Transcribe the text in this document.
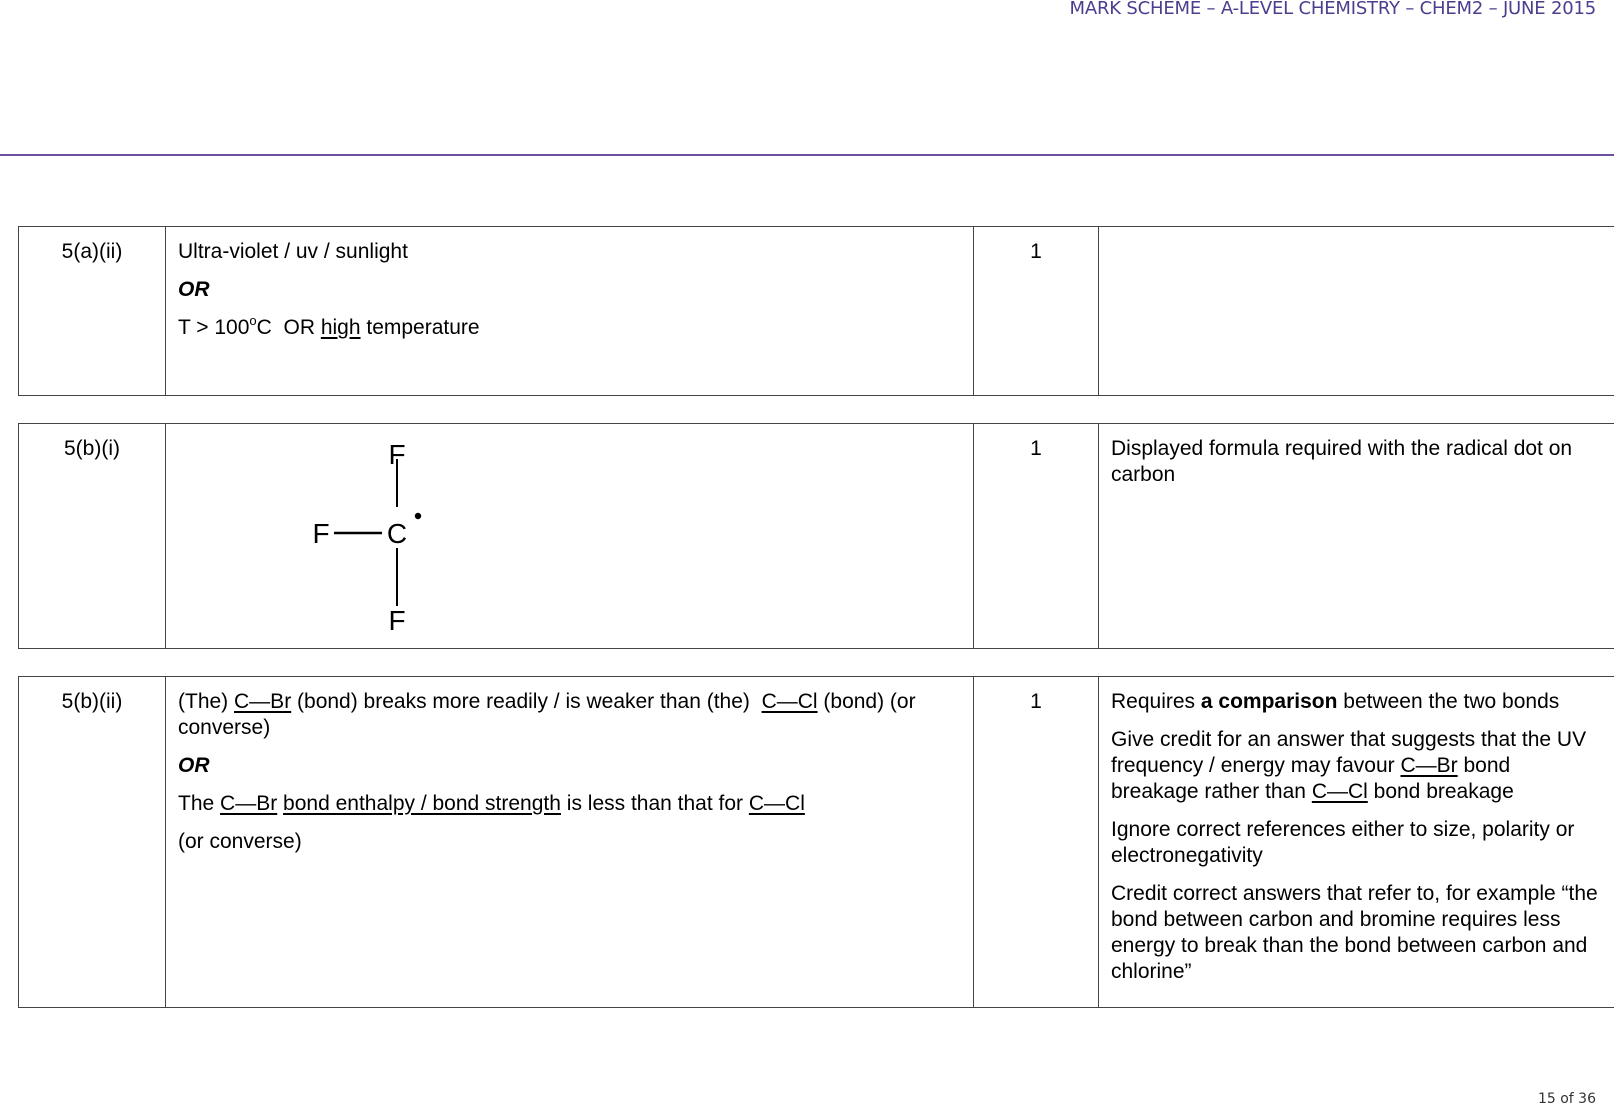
MARK SCHEME – A-LEVEL CHEMISTRY – CHEM2 – JUNE 2015
5(a)(ii)	Ultra-violet / uv / sunlight
OR
$T > 100^oC$  OR high temperature
	1	
5(b)(i)	F
F C
F
	1	Displayed formula required with the radical dot on carbon
5(b)(ii)	(The) C—Br (bond) breaks more readily / is weaker than (the)  C—Cl (bond) (or converse)
OR
The C—Br bond enthalpy / bond strength is less than that for C—Cl
(or converse)
	1	Requires a comparison between the two bonds
Give credit for an answer that suggests that the UV frequency / energy may favour C—Br bond breakage rather than C—Cl bond breakage
Ignore correct references either to size, polarity or electronegativity
Credit correct answers that refer to, for example “the bond between carbon and bromine requires less energy to break than the bond between carbon and chlorine”
15 of 36
